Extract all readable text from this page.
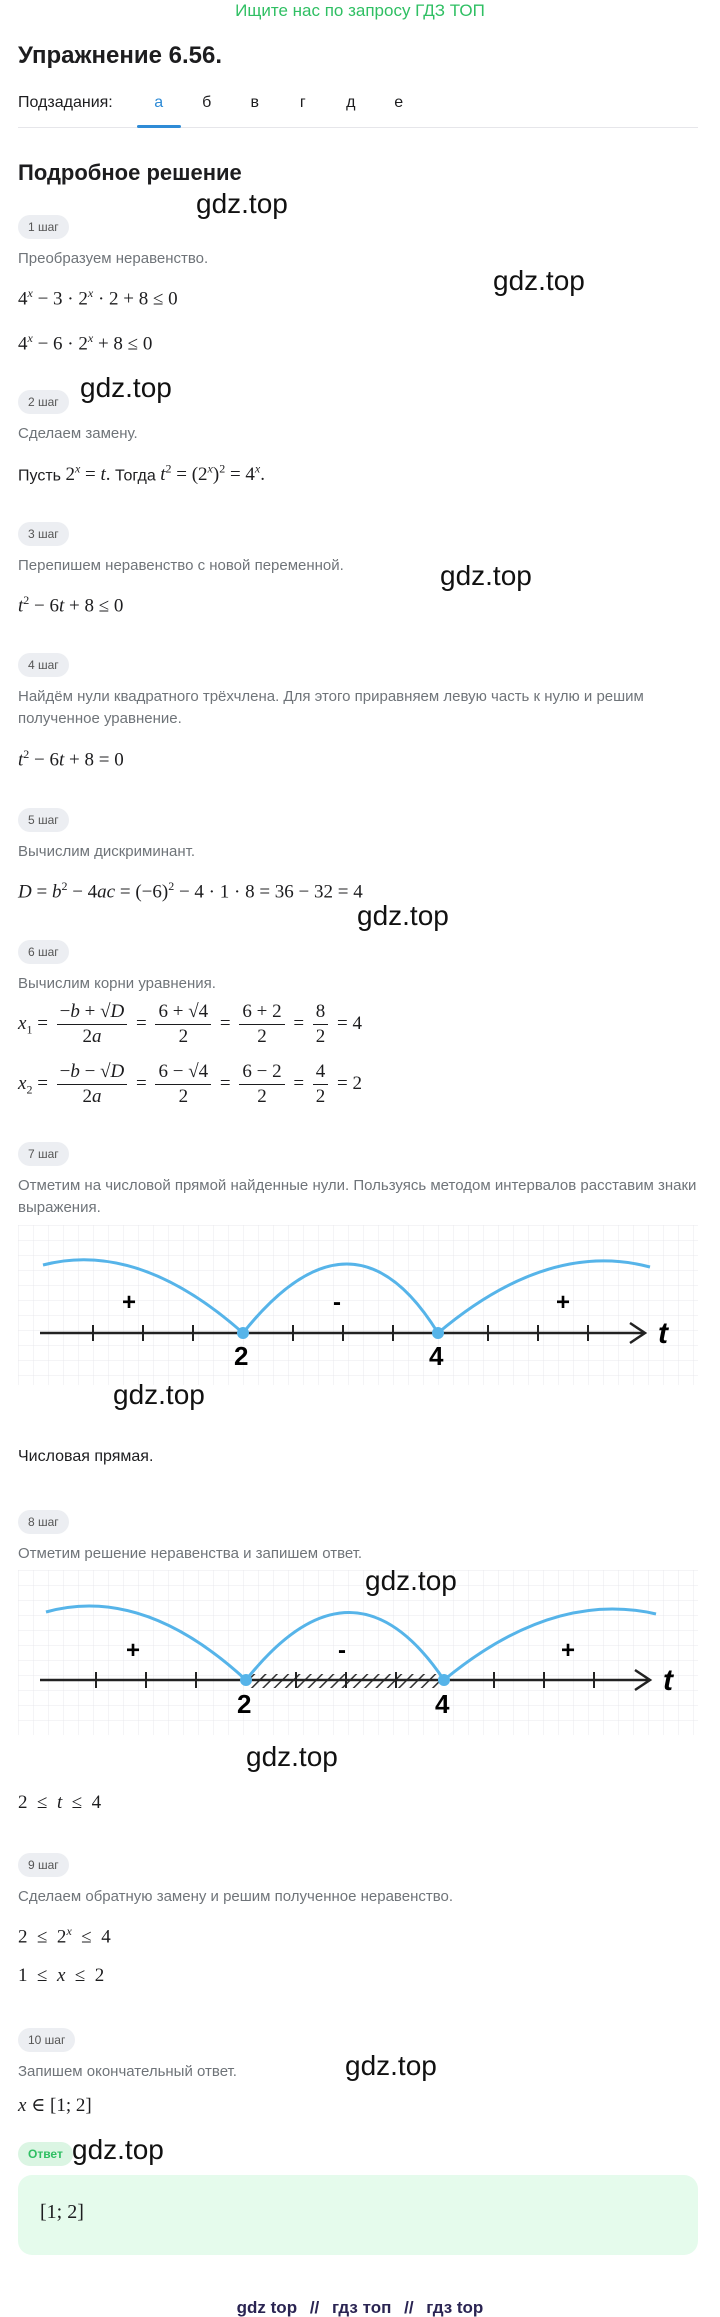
Ищите нас по запросу ГДЗ ТОП
Упражнение 6.56.
Подзадания:	а	б	в	г	д	е
Подробное решение
1 шаг
Преобразуем неравенство.
$4^x - 3 \cdot 2^x \cdot 2 + 8 \le 0$
$4^x - 6 \cdot 2^x + 8 \le 0$
2 шаг
Сделаем замену.
Пусть $2^x = t$. Тогда $t^2 = (2^x)^2 = 4^x$.
3 шаг
Перепишем неравенство с новой переменной.
$t^2 - 6t + 8 \le 0$
4 шаг
Найдём нули квадратного трёхчлена. Для этого приравняем левую часть к нулю и решим полученное уравнение.
$t^2 - 6t + 8 = 0$
5 шаг
Вычислим дискриминант.
$D = b^2 - 4ac = (-6)^2 - 4 \cdot 1 \cdot 8 = 36 - 32 = 4$
6 шаг
Вычислим корни уравнения.
$x_1 = \frac{-b + √D}{2a} = \frac{6 + √4}{2} = \frac{6 + 2}{2} = \frac{8}{2} = 4$
$x_2 = \frac{-b - √D}{2a} = \frac{6 - √4}{2} = \frac{6 - 2}{2} = \frac{4}{2} = 2$
7 шаг
Отметим на числовой прямой найденные нули. Пользуясь методом интервалов расставим знаки выражения.
2	4
t
+	-	+
Числовая прямая.
8 шаг
Отметим решение неравенства и запишем ответ.
2	4
t
+	-	+
2  ≤  t  ≤  4
9 шаг
Сделаем обратную замену и решим полученное неравенство.
2  ≤  2$^x$  ≤  4
1  ≤  x  ≤  2
10 шаг
Запишем окончательный ответ.
x ∈ [1; 2]
Ответ
[1; 2]
gdz.top
gdz.top
gdz.top
gdz.top
gdz.top
gdz.top
gdz.top
gdz.top
gdz.top
gdz.top
gdz top // гдз топ // гдз top
